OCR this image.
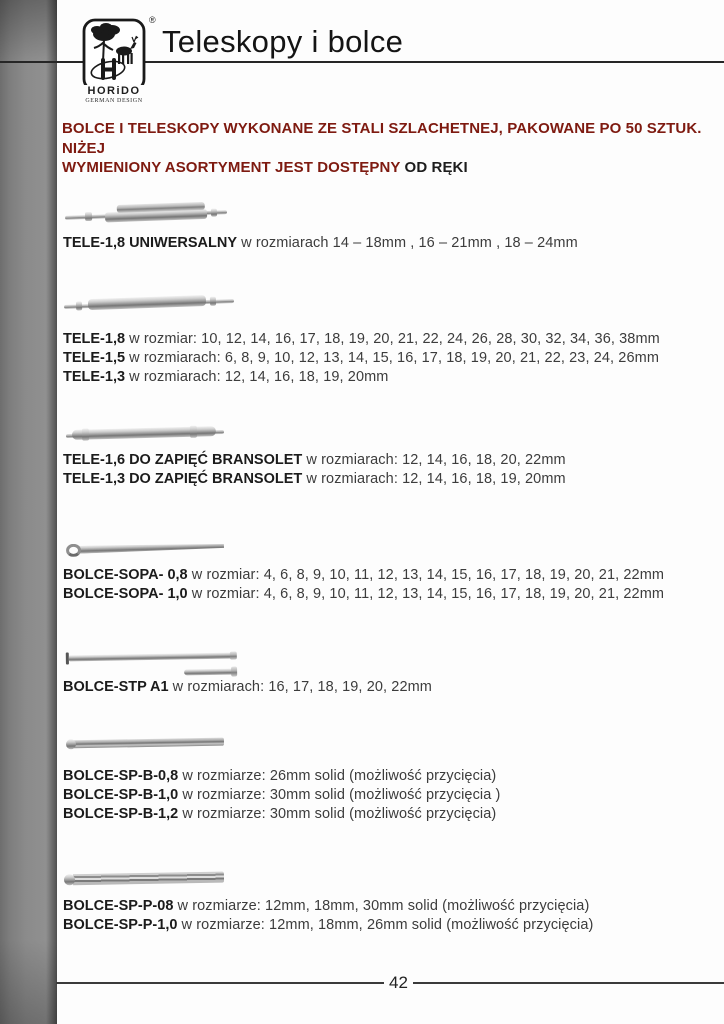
®
HORiDO
GERMAN DESIGN
Teleskopy i bolce
BOLCE I TELESKOPY WYKONANE ZE STALI SZLACHETNEJ, PAKOWANE PO 50 SZTUK. NIŻEJ
WYMIENIONY ASORTYMENT JEST DOSTĘPNY OD RĘKI
TELE-1,8 UNIWERSALNY w rozmiarach 14 – 18mm , 16 – 21mm , 18 – 24mm
TELE-1,8 w rozmiar: 10, 12, 14, 16, 17, 18, 19, 20, 21, 22, 24, 26, 28, 30, 32, 34, 36, 38mm
TELE-1,5 w rozmiarach: 6, 8, 9, 10, 12, 13, 14, 15, 16, 17, 18, 19, 20, 21, 22, 23, 24, 26mm
TELE-1,3 w rozmiarach: 12, 14, 16, 18, 19, 20mm
TELE-1,6 DO ZAPIĘĆ BRANSOLET w rozmiarach: 12, 14, 16, 18, 20, 22mm
TELE-1,3 DO ZAPIĘĆ BRANSOLET w rozmiarach: 12, 14, 16, 18, 19, 20mm
BOLCE-SOPA- 0,8 w rozmiar: 4, 6, 8, 9, 10, 11, 12, 13, 14, 15, 16, 17, 18, 19, 20, 21, 22mm
BOLCE-SOPA- 1,0 w rozmiar: 4, 6, 8, 9, 10, 11, 12, 13, 14, 15, 16, 17, 18, 19, 20, 21, 22mm
BOLCE-STP A1 w rozmiarach: 16, 17, 18, 19, 20, 22mm
BOLCE-SP-B-0,8 w rozmiarze: 26mm solid (możliwość przycięcia)
BOLCE-SP-B-1,0 w rozmiarze: 30mm solid (możliwość przycięcia )
BOLCE-SP-B-1,2 w rozmiarze: 30mm solid (możliwość przycięcia)
BOLCE-SP-P-08 w rozmiarze: 12mm, 18mm, 30mm solid (możliwość przycięcia)
BOLCE-SP-P-1,0 w rozmiarze: 12mm, 18mm, 26mm solid (możliwość przycięcia)
42
